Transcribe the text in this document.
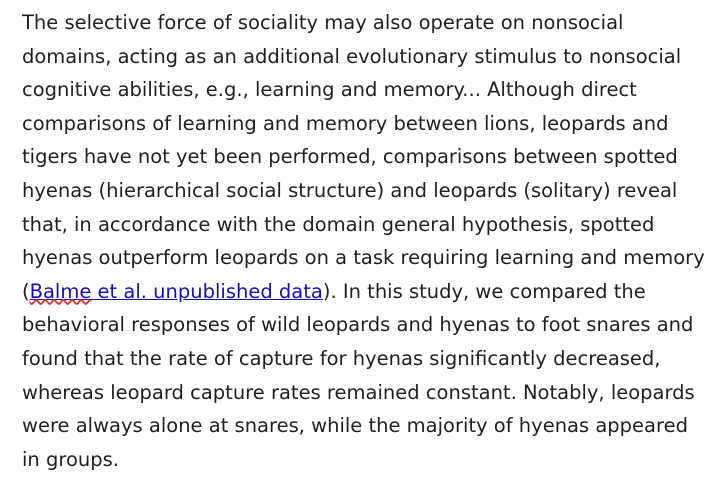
The selective force of sociality may also operate on nonsocial
domains, acting as an additional evolutionary stimulus to nonsocial
cognitive abilities, e.g., learning and memory... Although direct
comparisons of learning and memory between lions, leopards and
tigers have not yet been performed, comparisons between spotted
hyenas (hierarchical social structure) and leopards (solitary) reveal
that, in accordance with the domain general hypothesis, spotted
hyenas outperform leopards on a task requiring learning and memory
(Balme et al. unpublished data). In this study, we compared the
behavioral responses of wild leopards and hyenas to foot snares and
found that the rate of capture for hyenas significantly decreased,
whereas leopard capture rates remained constant. Notably, leopards
were always alone at snares, while the majority of hyenas appeared
in groups.
